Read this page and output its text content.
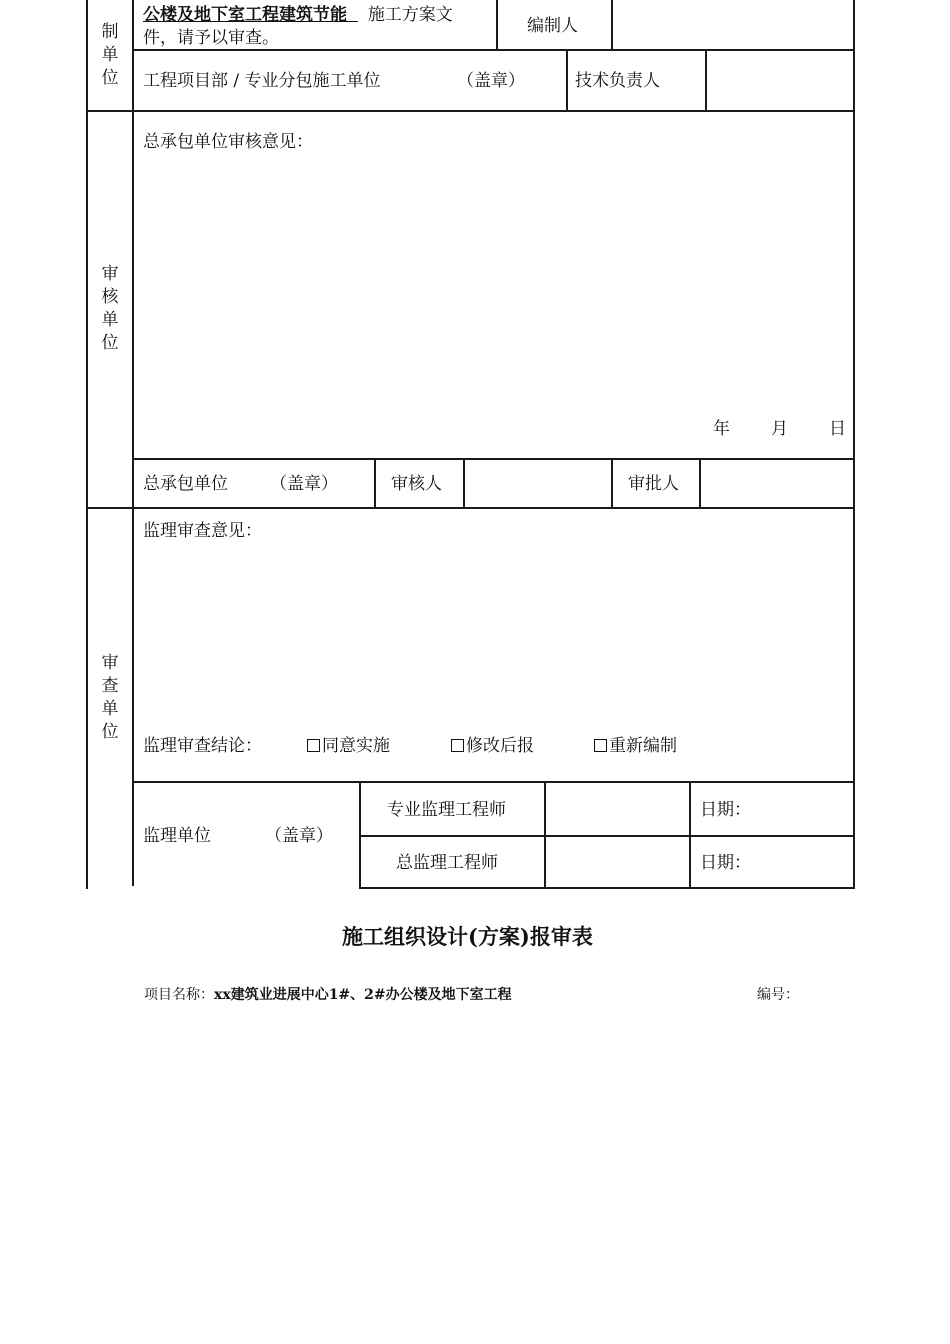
制单位
公楼及地下室工程建筑节能 施工方案文
件，请予以审查。
编制人
工程项目部 / 专业分包施工单位	（盖章）	技术负责人
审核单位
总承包单位审核意见：
年 月 日
总承包单位 （盖章）	审核人	审批人
审查单位
监理审查意见：
监理审查结论：	同意实施	修改后报	重新编制
监理单位	（盖章）
专业监理工程师	日期：
总监理工程师	日期：
施工组织设计(方案)报审表
项目名称：xx建筑业进展中心1#、2#办公楼及地下室工程	编号：
